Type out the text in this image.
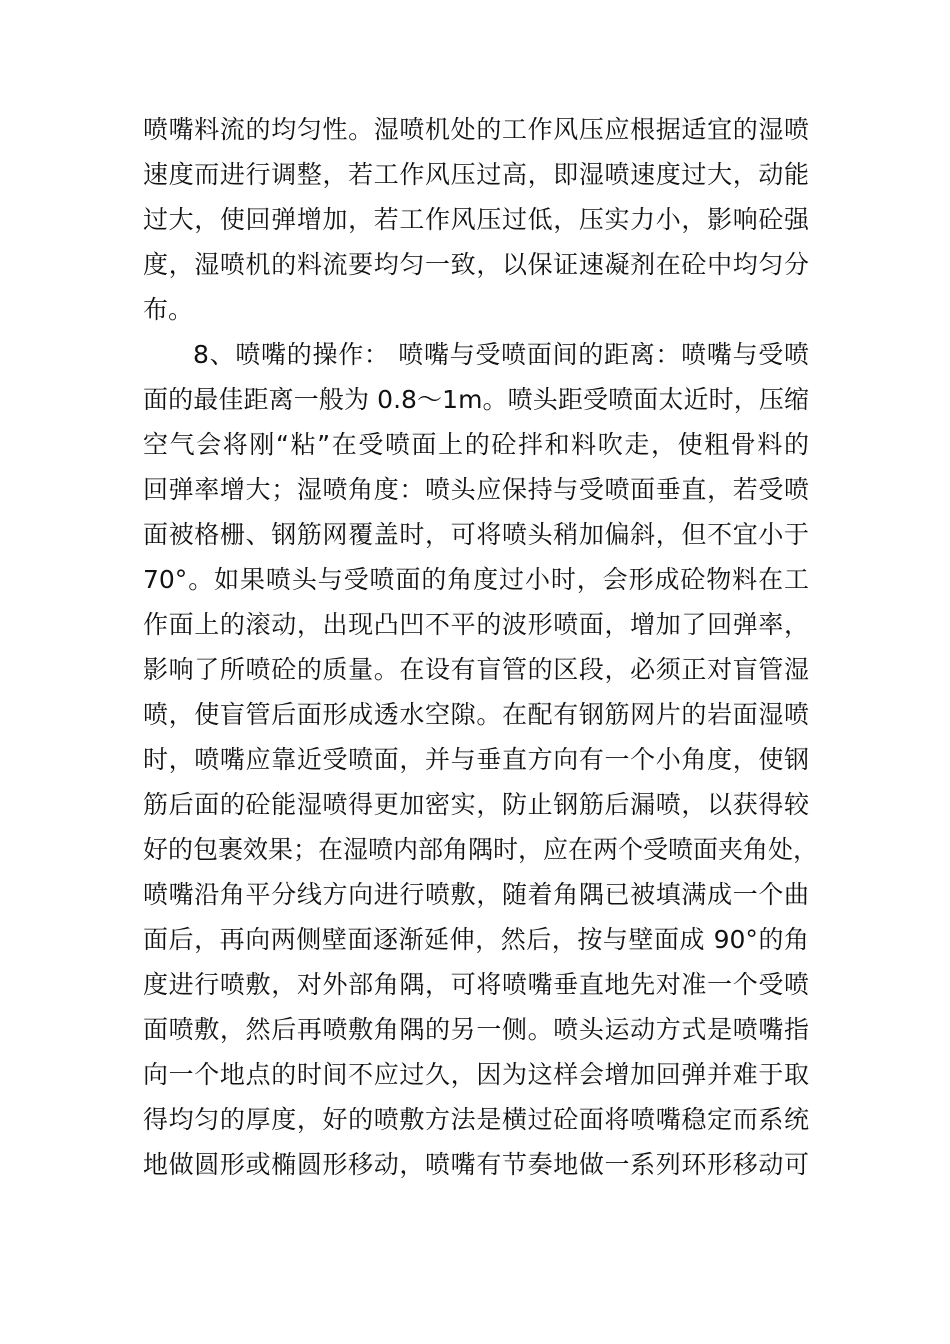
喷嘴料流的均匀性。湿喷机处的工作风压应根据适宜的湿喷
速度而进行调整，若工作风压过高，即湿喷速度过大，动能
过大，使回弹增加，若工作风压过低，压实力小，影响砼强
度，湿喷机的料流要均匀一致，以保证速凝剂在砼中均匀分
布。
8、喷嘴的操作： 喷嘴与受喷面间的距离：喷嘴与受喷
面的最佳距离一般为 0.8～1m。喷头距受喷面太近时，压缩
空气会将刚“粘”在受喷面上的砼拌和料吹走，使粗骨料的
回弹率增大；湿喷角度：喷头应保持与受喷面垂直，若受喷
面被格栅、钢筋网覆盖时，可将喷头稍加偏斜，但不宜小于
70°。如果喷头与受喷面的角度过小时，会形成砼物料在工
作面上的滚动，出现凸凹不平的波形喷面，增加了回弹率，
影响了所喷砼的质量。在设有盲管的区段，必须正对盲管湿
喷，使盲管后面形成透水空隙。在配有钢筋网片的岩面湿喷
时，喷嘴应靠近受喷面，并与垂直方向有一个小角度，使钢
筋后面的砼能湿喷得更加密实，防止钢筋后漏喷，以获得较
好的包裹效果；在湿喷内部角隅时，应在两个受喷面夹角处，
喷嘴沿角平分线方向进行喷敷，随着角隅已被填满成一个曲
面后，再向两侧壁面逐渐延伸，然后，按与壁面成 90°的角
度进行喷敷，对外部角隅，可将喷嘴垂直地先对准一个受喷
面喷敷，然后再喷敷角隅的另一侧。喷头运动方式是喷嘴指
向一个地点的时间不应过久，因为这样会增加回弹并难于取
得均匀的厚度，好的喷敷方法是横过砼面将喷嘴稳定而系统
地做圆形或椭圆形移动，喷嘴有节奏地做一系列环形移动可
